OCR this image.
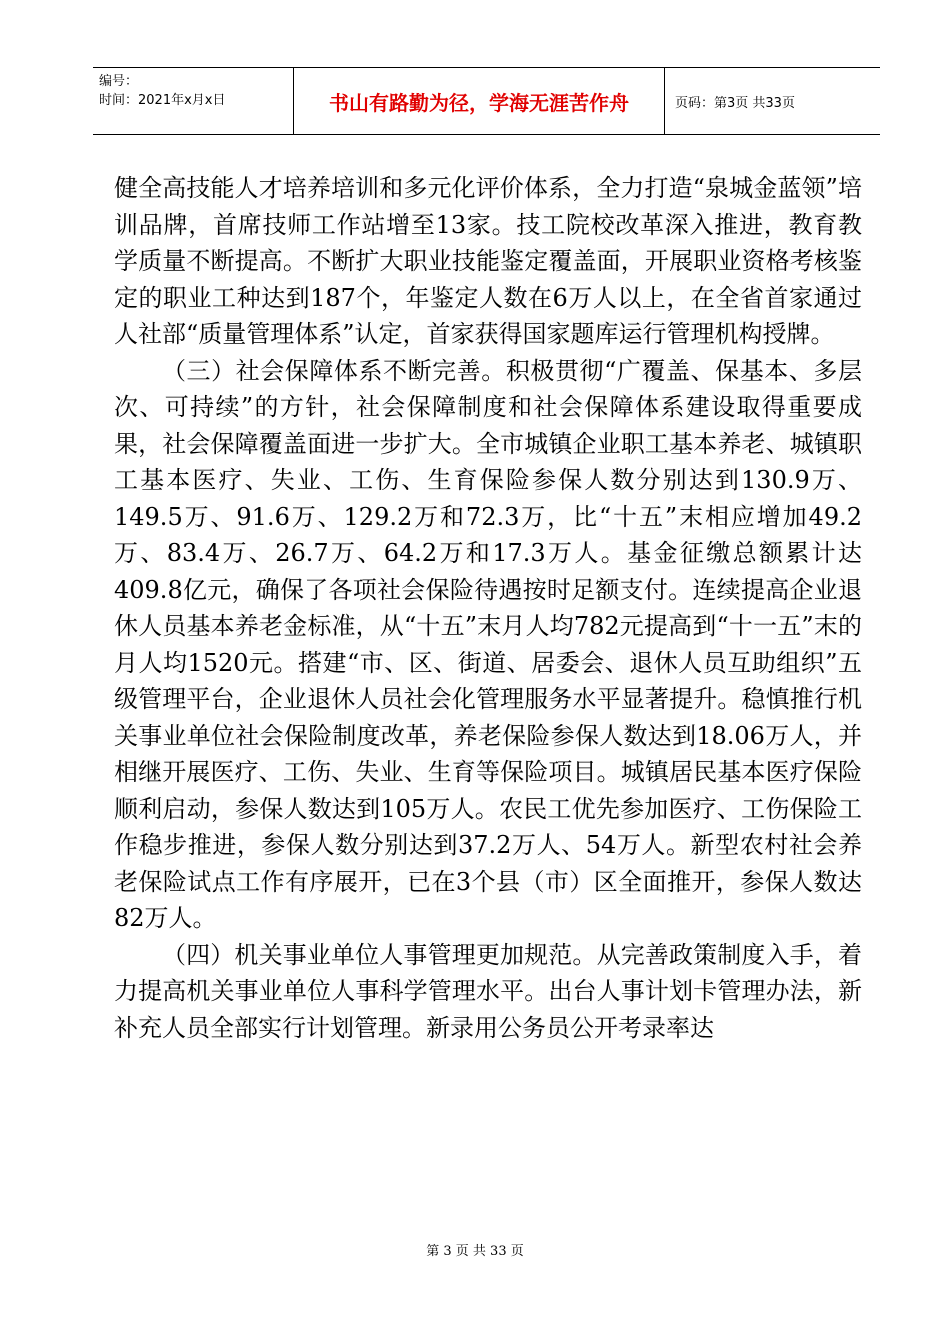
编号：
时间：2021年x月x日	书山有路勤为径，学海无涯苦作舟	页码：第3页 共33页

健全高技能人才培养培训和多元化评价体系，全力打造“泉城金蓝领”培训品牌，首席技师工作站增至13家。技工院校改革深入推进，教育教学质量不断提高。不断扩大职业技能鉴定覆盖面，开展职业资格考核鉴定的职业工种达到187个，年鉴定人数在6万人以上，在全省首家通过人社部“质量管理体系”认定，首家获得国家题库运行管理机构授牌。

（三）社会保障体系不断完善。积极贯彻“广覆盖、保基本、多层次、可持续”的方针，社会保障制度和社会保障体系建设取得重要成果，社会保障覆盖面进一步扩大。全市城镇企业职工基本养老、城镇职工基本医疗、失业、工伤、生育保险参保人数分别达到130.9万、149.5万、91.6万、129.2万和72.3万，比“十五”末相应增加49.2万、83.4万、26.7万、64.2万和17.3万人。基金征缴总额累计达409.8亿元，确保了各项社会保险待遇按时足额支付。连续提高企业退休人员基本养老金标准，从“十五”末月人均782元提高到“十一五”末的月人均1520元。搭建“市、区、街道、居委会、退休人员互助组织”五级管理平台，企业退休人员社会化管理服务水平显著提升。稳慎推行机关事业单位社会保险制度改革，养老保险参保人数达到18.06万人，并相继开展医疗、工伤、失业、生育等保险项目。城镇居民基本医疗保险顺利启动，参保人数达到105万人。农民工优先参加医疗、工伤保险工作稳步推进，参保人数分别达到37.2万人、54万人。新型农村社会养老保险试点工作有序展开，已在3个县（市）区全面推开，参保人数达82万人。

（四）机关事业单位人事管理更加规范。从完善政策制度入手，着力提高机关事业单位人事科学管理水平。出台人事计划卡管理办法，新补充人员全部实行计划管理。新录用公务员公开考录率达

第 3 页 共 33 页
